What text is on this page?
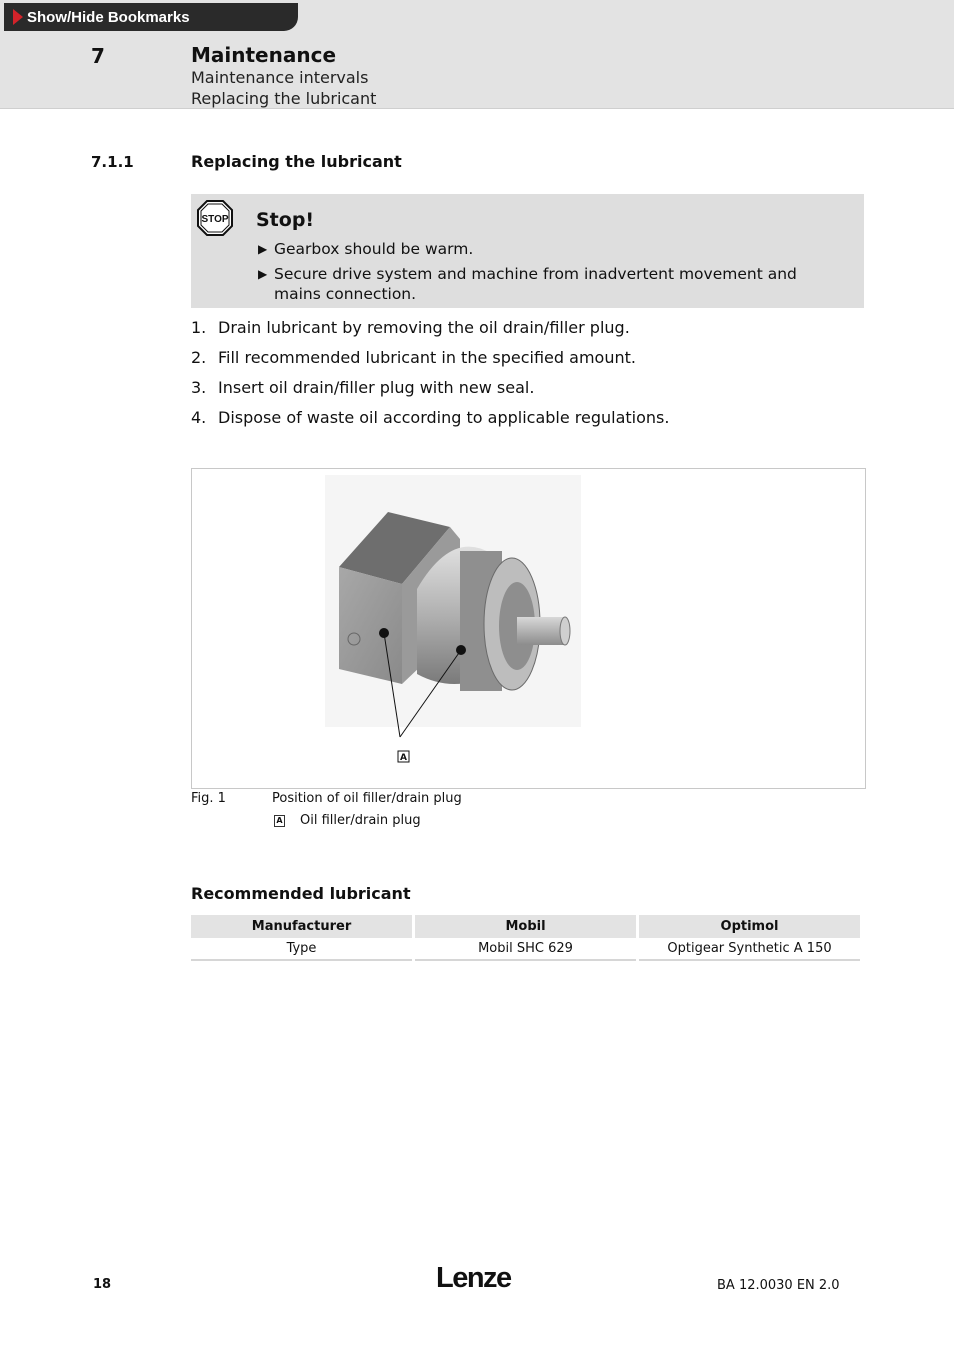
Show/Hide Bookmarks
7	Maintenance
Maintenance intervals
Replacing the lubricant
7.1.1	Replacing the lubricant
STOP Stop!
▶ Gearbox should be warm.
▶ Secure drive system and machine from inadvertent movement and mains connection.
1. Drain lubricant by removing the oil drain/filler plug.
2. Fill recommended lubricant in the specified amount.
3. Insert oil drain/filler plug with new seal.
4. Dispose of waste oil according to applicable regulations.
A
Fig. 1	Position of oil filler/drain plug
A Oil filler/drain plug
Recommended lubricant
Manufacturer	Mobil	Optimol
Type	Mobil SHC 629	Optigear Synthetic A 150
18	Lenze	BA 12.0030 EN 2.0
